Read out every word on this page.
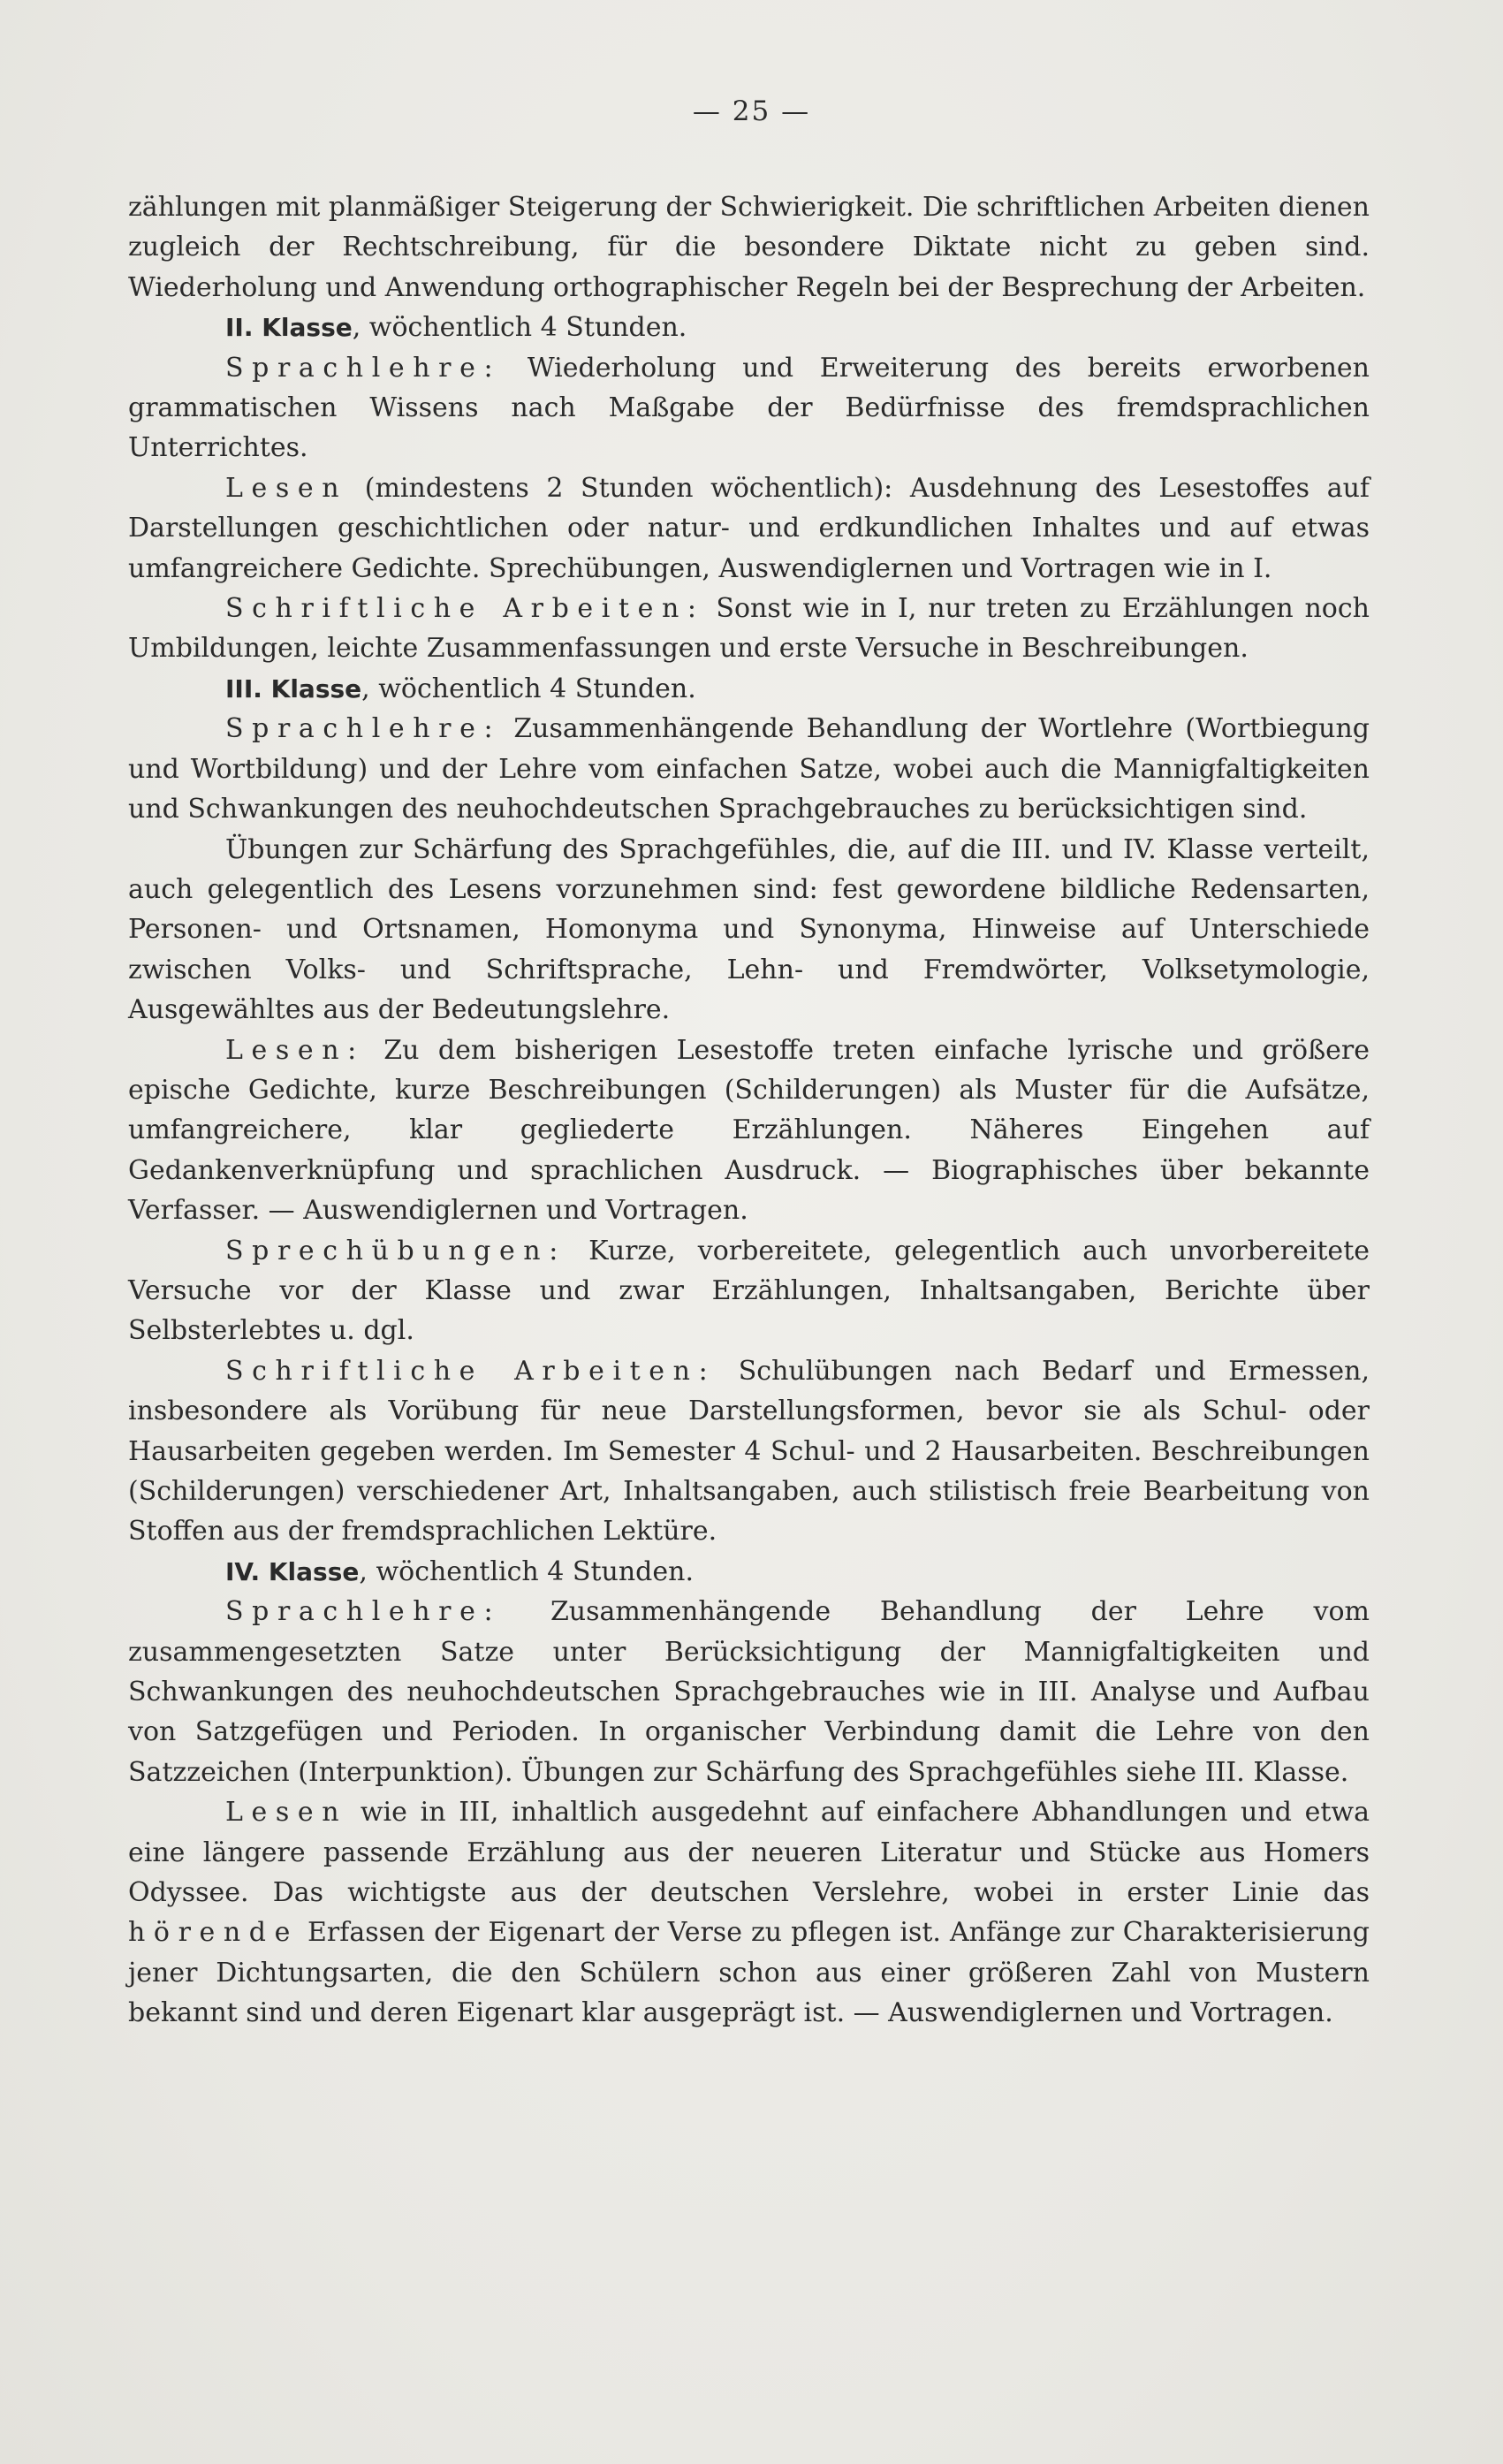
— 25 —

zählungen mit planmäßiger Steigerung der Schwierigkeit. Die schriftlichen Arbeiten dienen zugleich der Rechtschreibung, für die besondere Diktate nicht zu geben sind. Wiederholung und Anwendung orthographischer Regeln bei der Besprechung der Arbeiten.

II. Klasse, wöchentlich 4 Stunden.

Sprachlehre: Wiederholung und Erweiterung des bereits erworbenen grammatischen Wissens nach Maßgabe der Bedürfnisse des fremdsprachlichen Unterrichtes.

Lesen (mindestens 2 Stunden wöchentlich): Ausdehnung des Lesestoffes auf Darstellungen geschichtlichen oder natur- und erdkundlichen Inhaltes und auf etwas umfangreichere Gedichte. Sprechübungen, Auswendiglernen und Vortragen wie in I.

Schriftliche Arbeiten: Sonst wie in I, nur treten zu Erzählungen noch Umbildungen, leichte Zusammenfassungen und erste Versuche in Beschreibungen.

III. Klasse, wöchentlich 4 Stunden.

Sprachlehre: Zusammenhängende Behandlung der Wortlehre (Wortbiegung und Wortbildung) und der Lehre vom einfachen Satze, wobei auch die Mannigfaltigkeiten und Schwankungen des neuhochdeutschen Sprachgebrauches zu berücksichtigen sind.

Übungen zur Schärfung des Sprachgefühles, die, auf die III. und IV. Klasse verteilt, auch gelegentlich des Lesens vorzunehmen sind: fest gewordene bildliche Redensarten, Personen- und Ortsnamen, Homonyma und Synonyma, Hinweise auf Unterschiede zwischen Volks- und Schriftsprache, Lehn- und Fremdwörter, Volksetymologie, Ausgewähltes aus der Bedeutungslehre.

Lesen: Zu dem bisherigen Lesestoffe treten einfache lyrische und größere epische Gedichte, kurze Beschreibungen (Schilderungen) als Muster für die Aufsätze, umfangreichere, klar gegliederte Erzählungen. Näheres Eingehen auf Gedankenverknüpfung und sprachlichen Ausdruck. — Biographisches über bekannte Verfasser. — Auswendiglernen und Vortragen.

Sprechübungen: Kurze, vorbereitete, gelegentlich auch unvorbereitete Versuche vor der Klasse und zwar Erzählungen, Inhaltsangaben, Berichte über Selbsterlebtes u. dgl.

Schriftliche Arbeiten: Schulübungen nach Bedarf und Ermessen, insbesondere als Vorübung für neue Darstellungsformen, bevor sie als Schul- oder Hausarbeiten gegeben werden. Im Semester 4 Schul- und 2 Hausarbeiten. Beschreibungen (Schilderungen) verschiedener Art, Inhaltsangaben, auch stilistisch freie Bearbeitung von Stoffen aus der fremdsprachlichen Lektüre.

IV. Klasse, wöchentlich 4 Stunden.

Sprachlehre: Zusammenhängende Behandlung der Lehre vom zusammengesetzten Satze unter Berücksichtigung der Mannigfaltigkeiten und Schwankungen des neuhochdeutschen Sprachgebrauches wie in III. Analyse und Aufbau von Satzgefügen und Perioden. In organischer Verbindung damit die Lehre von den Satzzeichen (Interpunktion). Übungen zur Schärfung des Sprachgefühles siehe III. Klasse.

Lesen wie in III, inhaltlich ausgedehnt auf einfachere Abhandlungen und etwa eine längere passende Erzählung aus der neueren Literatur und Stücke aus Homers Odyssee. Das wichtigste aus der deutschen Verslehre, wobei in erster Linie das hörende Erfassen der Eigenart der Verse zu pflegen ist. Anfänge zur Charakterisierung jener Dichtungsarten, die den Schülern schon aus einer größeren Zahl von Mustern bekannt sind und deren Eigenart klar ausgeprägt ist. — Auswendiglernen und Vortragen.
